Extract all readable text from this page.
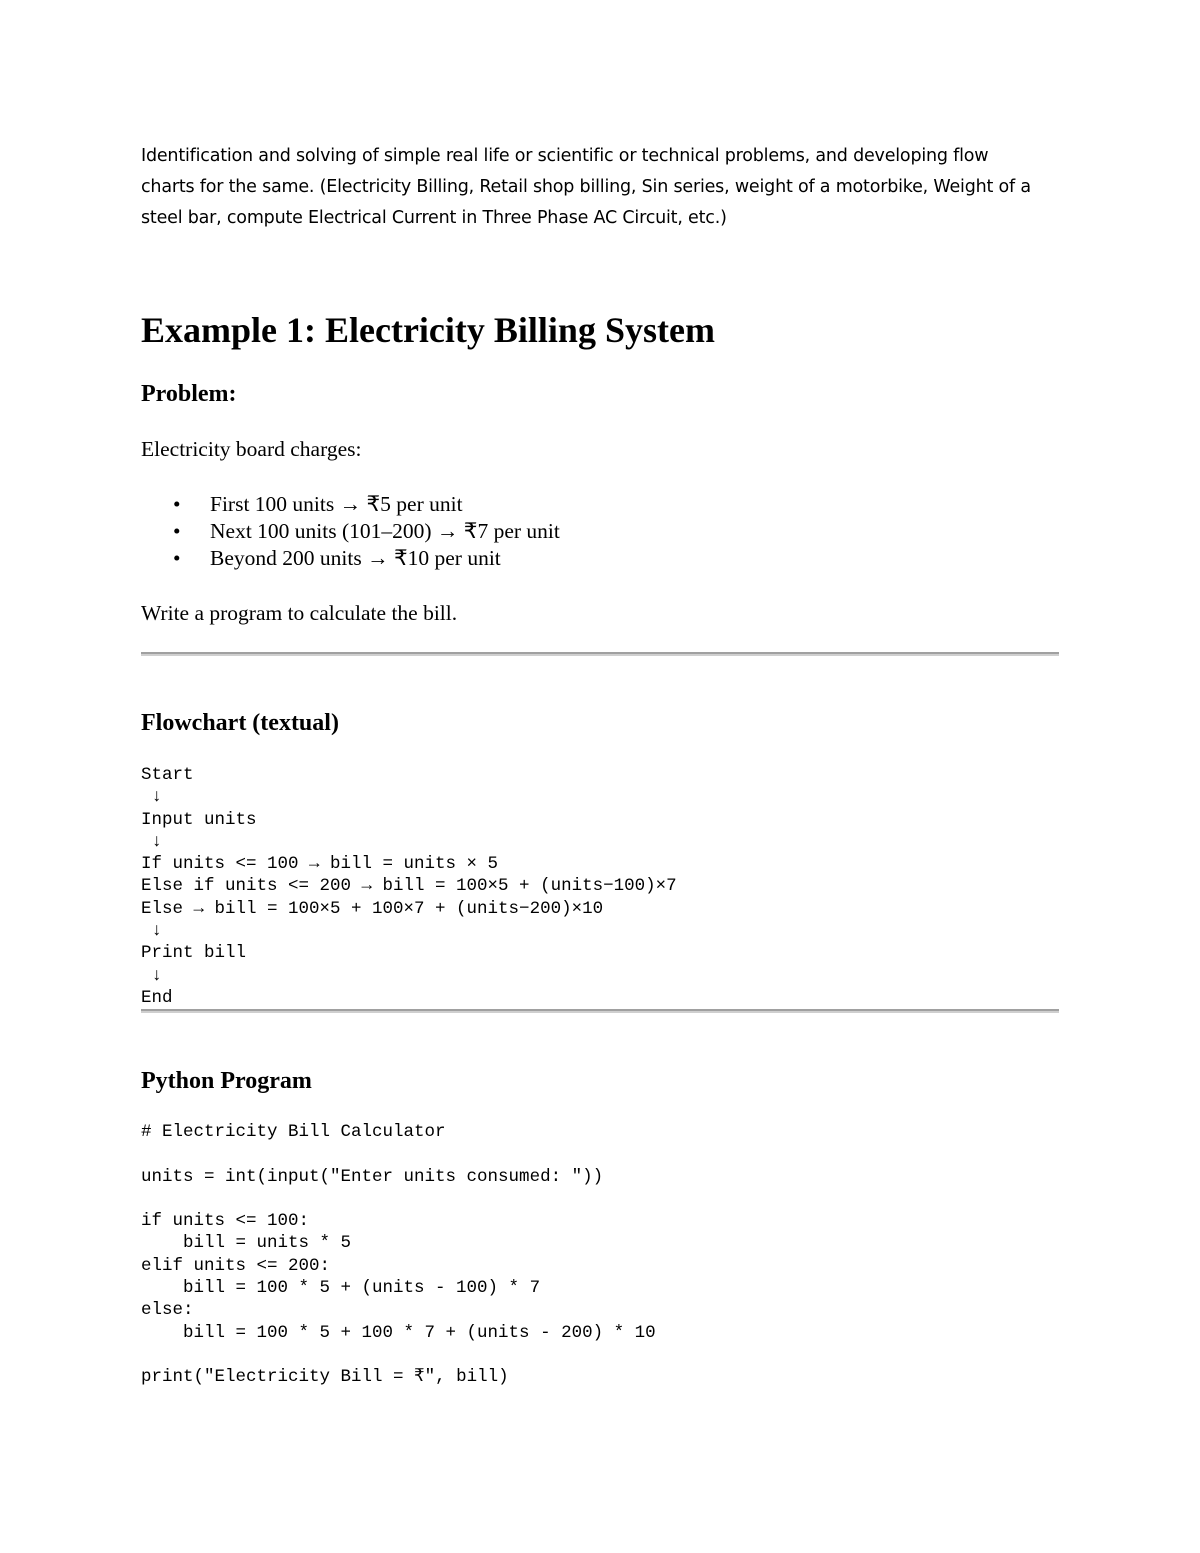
Identification and solving of simple real life or scientific or technical problems, and developing flow
charts for the same. (Electricity Billing, Retail shop billing, Sin series, weight of a motorbike, Weight of a
steel bar, compute Electrical Current in Three Phase AC Circuit, etc.)
Example 1: Electricity Billing System
Problem:

Electricity board charges:

• First 100 units → ₹5 per unit
• Next 100 units (101–200) → ₹7 per unit
• Beyond 200 units → ₹10 per unit

Write a program to calculate the bill.

Flowchart (textual)
Start
↓
Input units
↓
If units <= 100 → bill = units × 5
Else if units <= 200 → bill = 100×5 + (units−100)×7
Else → bill = 100×5 + 100×7 + (units−200)×10
↓
Print bill
↓
End
Python Program
# Electricity Bill Calculator

units = int(input("Enter units consumed: "))

if units <= 100:
bill = units * 5
elif units <= 200:
bill = 100 * 5 + (units - 100) * 7
else:
bill = 100 * 5 + 100 * 7 + (units - 200) * 10

print("Electricity Bill = ₹", bill)
